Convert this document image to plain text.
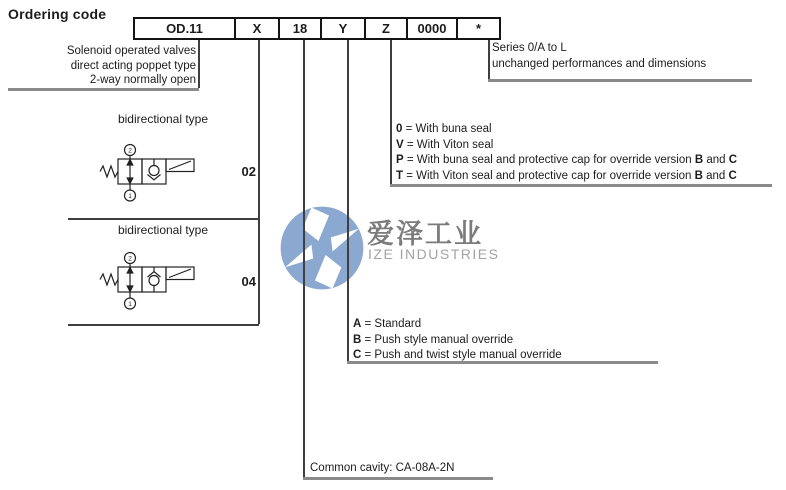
爱泽工业
IZE INDUSTRIES
Ordering code
OD.11	X	18	Y	Z	0000	*
Solenoid operated valves
direct acting poppet type
2-way normally open
Series 0/A to L
unchanged performances and dimensions
bidirectional type
2
1
02
bidirectional type
2
1
04
0 = With buna seal
V = With Viton seal
P = With buna seal and protective cap for override version B and C
T = With Viton seal and protective cap for override version B and C
A = Standard
B = Push style manual override
C = Push and twist style manual override
Common cavity: CA-08A-2N
